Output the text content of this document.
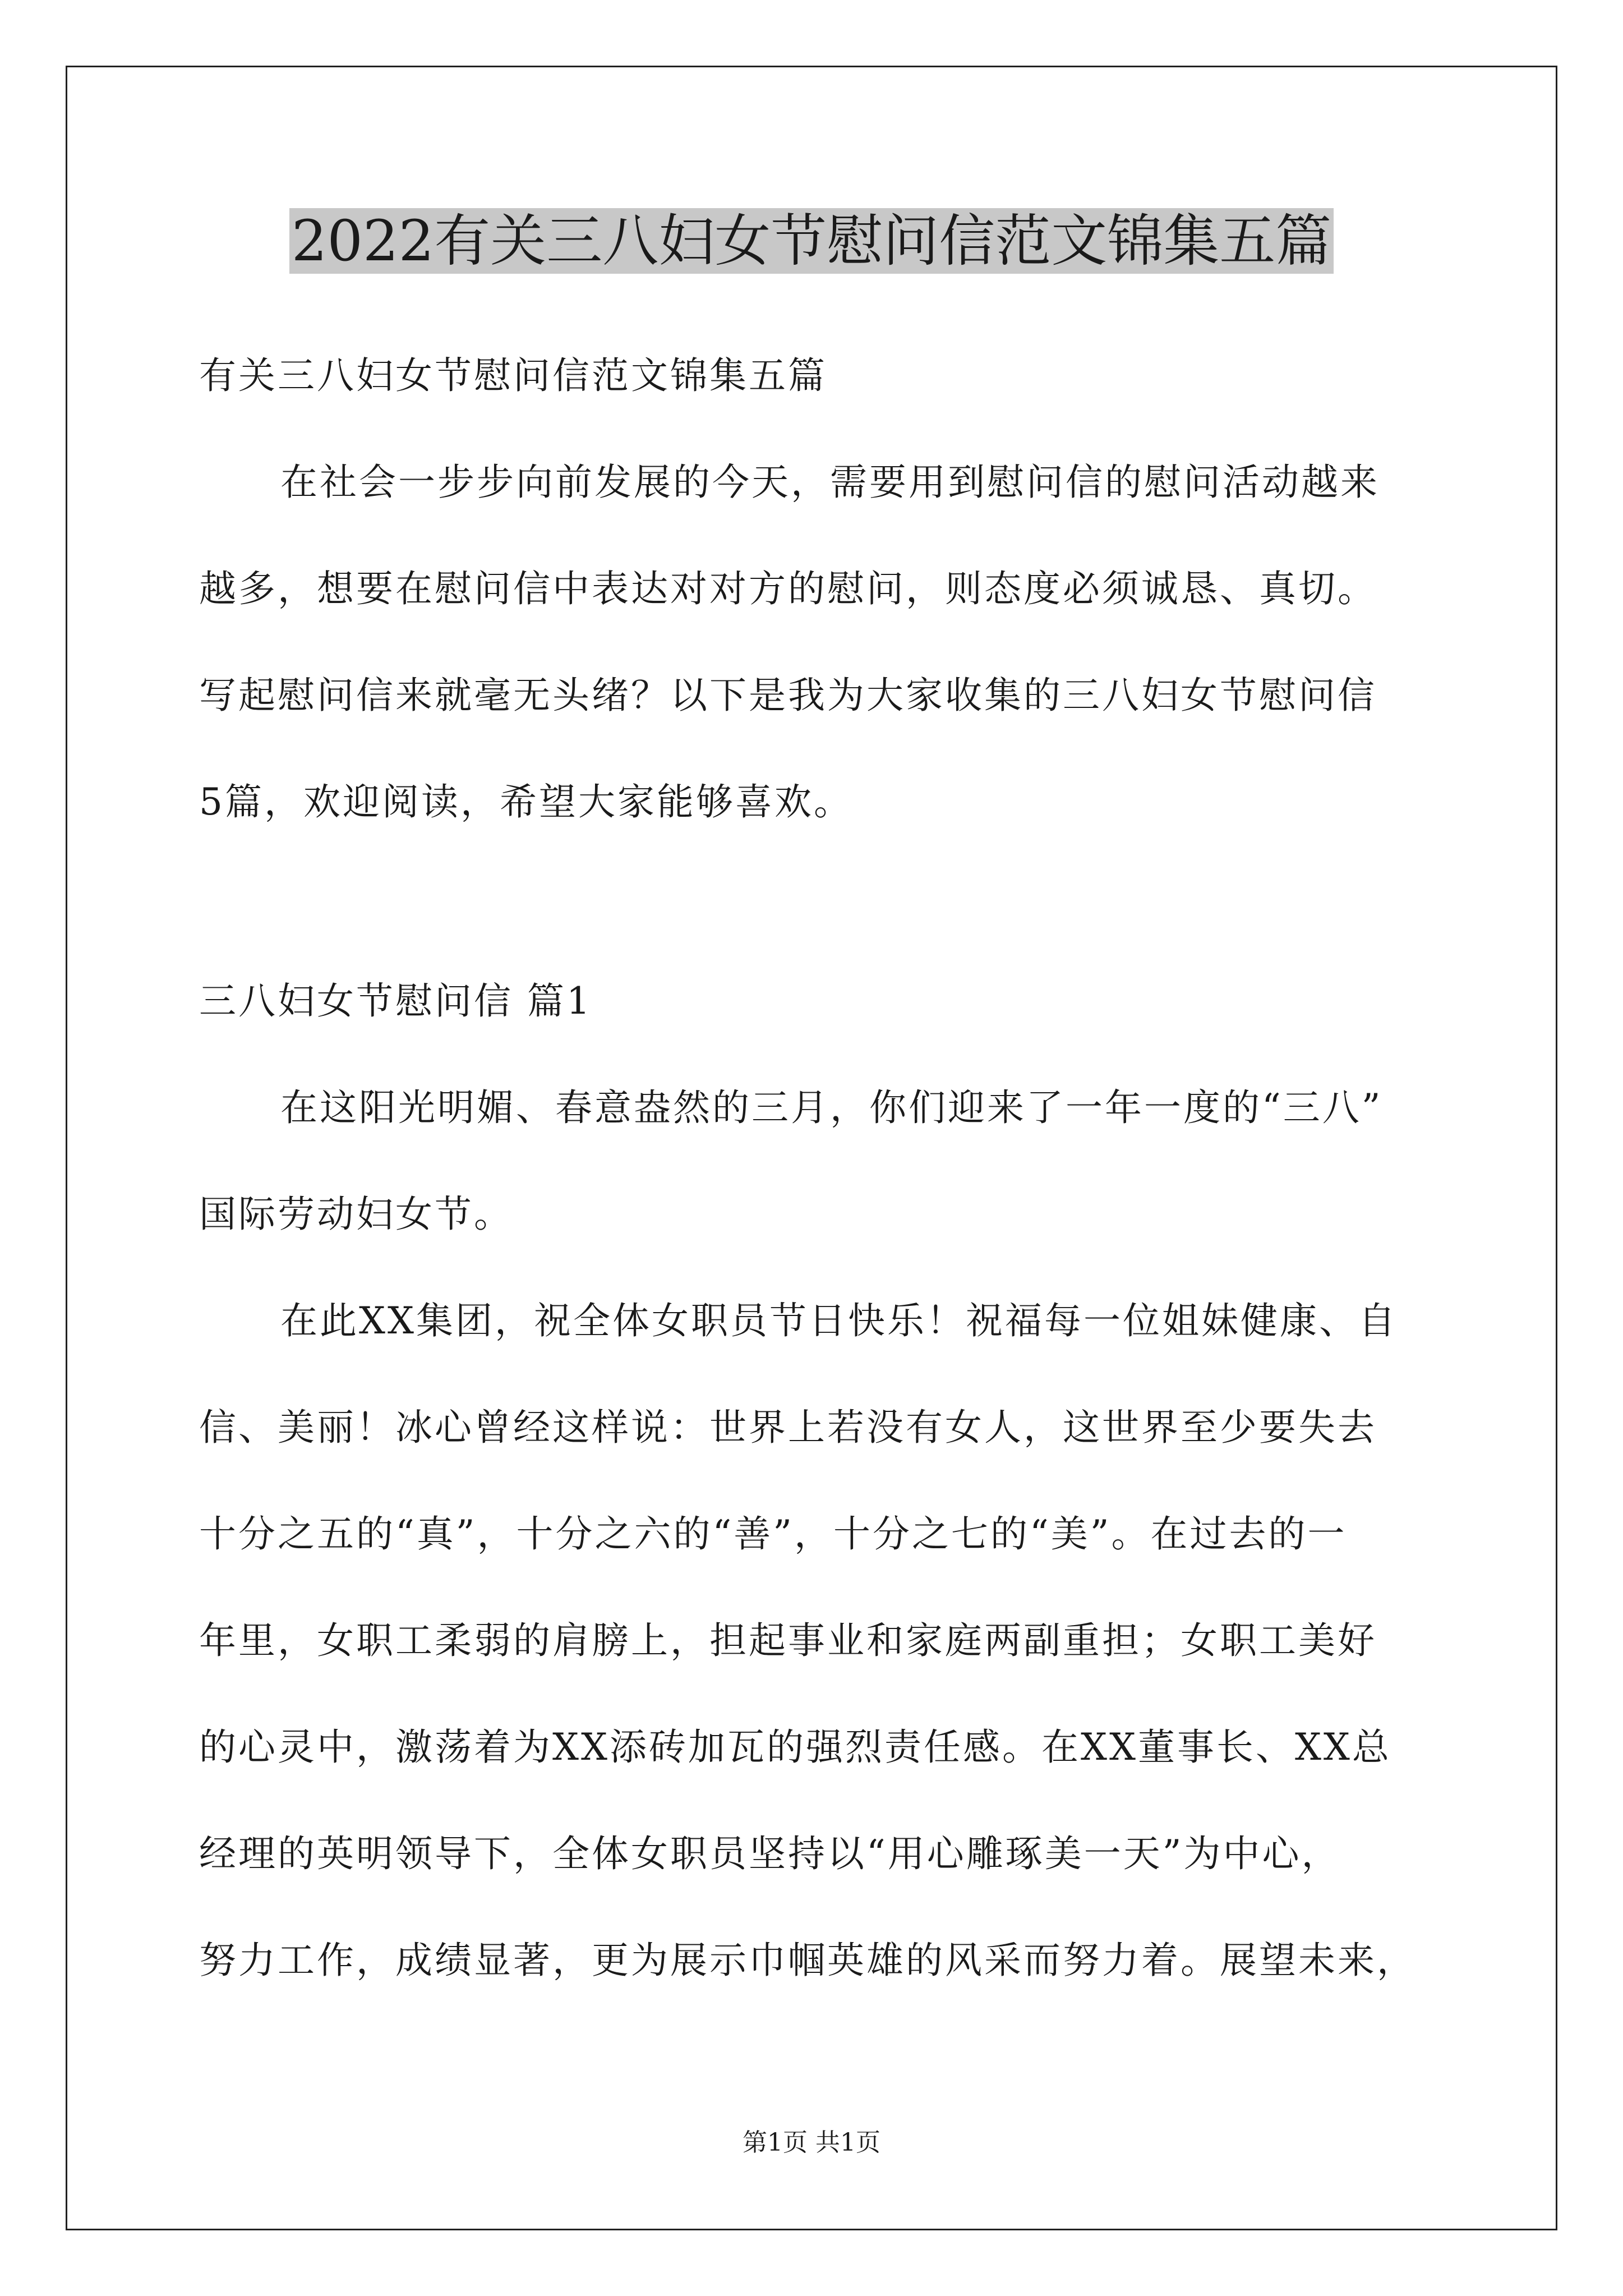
2022有关三八妇女节慰问信范文锦集五篇
有关三八妇女节慰问信范文锦集五篇
在社会一步步向前发展的今天，需要用到慰问信的慰问活动越来
越多，想要在慰问信中表达对对方的慰问，则态度必须诚恳、真切。
写起慰问信来就毫无头绪？以下是我为大家收集的三八妇女节慰问信
5篇，欢迎阅读，希望大家能够喜欢。
三八妇女节慰问信 篇1
在这阳光明媚、春意盎然的三月，你们迎来了一年一度的“三八”
国际劳动妇女节。
在此XX集团，祝全体女职员节日快乐！祝福每一位姐妹健康、自
信、美丽！冰心曾经这样说：世界上若没有女人，这世界至少要失去
十分之五的“真”，十分之六的“善”，十分之七的“美”。在过去的一
年里，女职工柔弱的肩膀上，担起事业和家庭两副重担；女职工美好
的心灵中，激荡着为XX添砖加瓦的强烈责任感。在XX董事长、XX总
经理的英明领导下，全体女职员坚持以“用心雕琢美一天”为中心，
努力工作，成绩显著，更为展示巾帼英雄的风采而努力着。展望未来，
第1页 共1页
